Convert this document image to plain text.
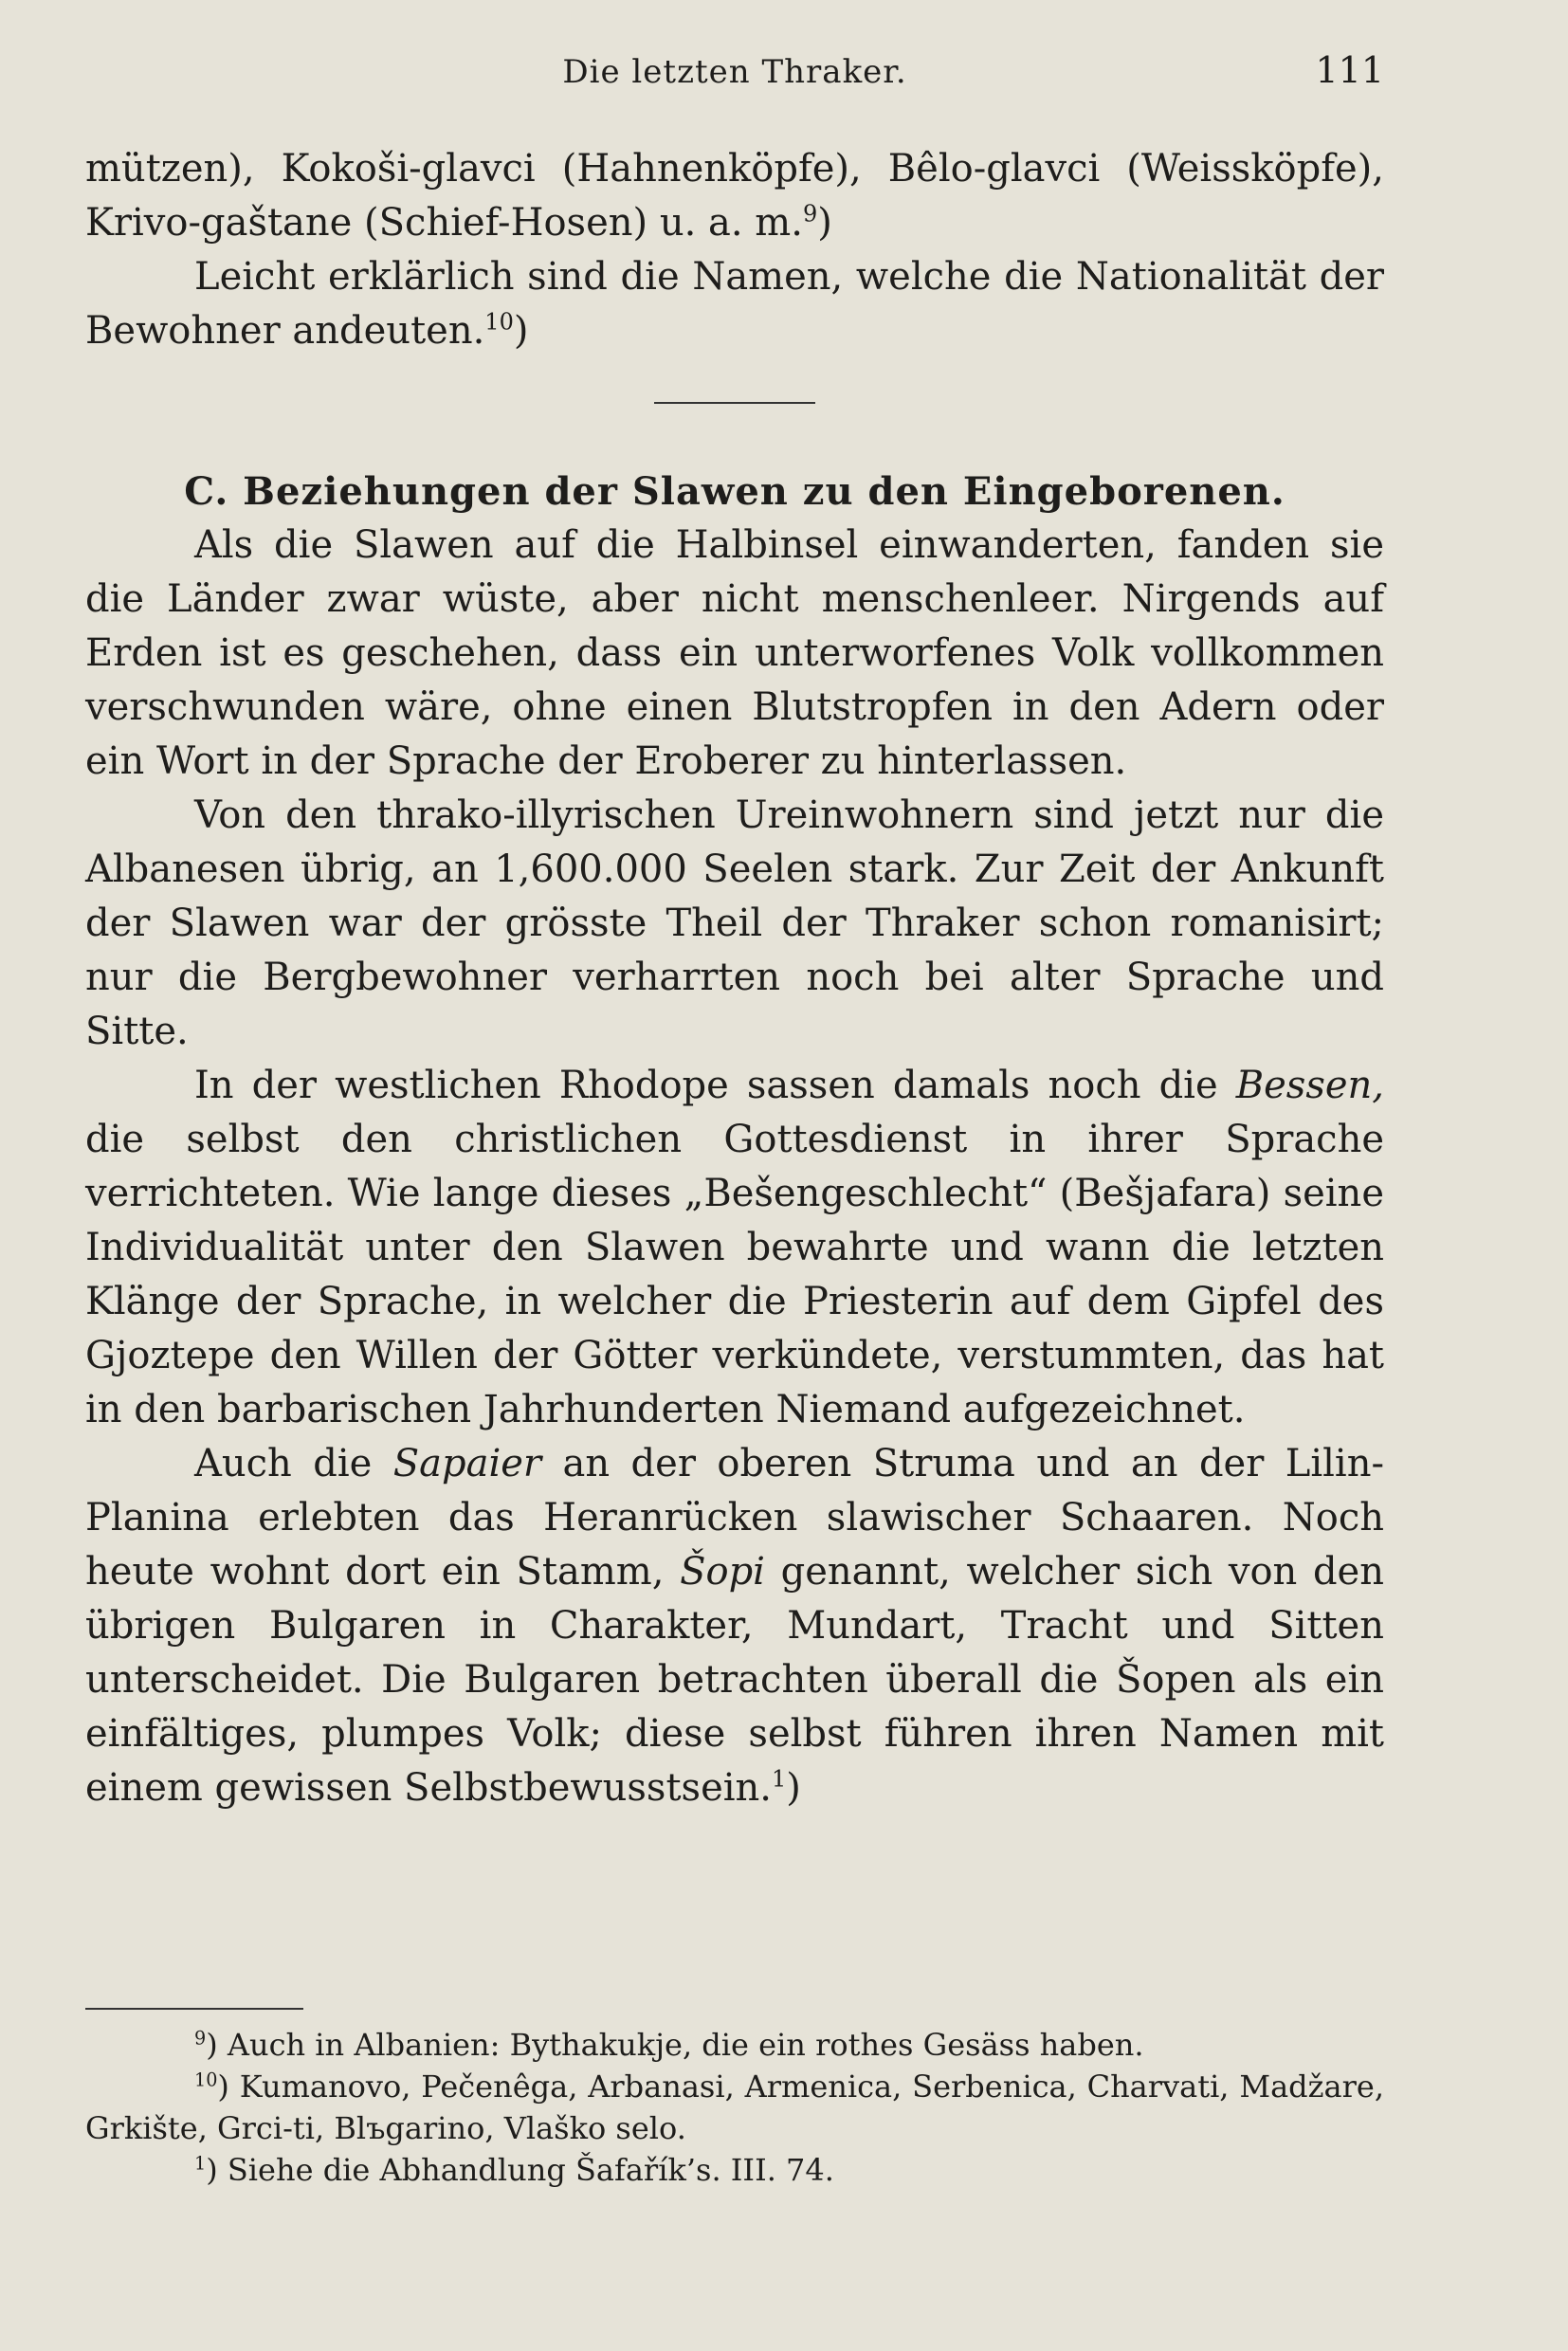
Die letzten Thraker.	111

mützen), Kokoši-glavci (Hahnenköpfe), Bêlo-glavci (Weissköpfe), Krivo-gaštane (Schief-Hosen) u. a. m.$^9$)

Leicht erklärlich sind die Namen, welche die Nationalität der Bewohner andeuten.$^{10}$)

C. Beziehungen der Slawen zu den Eingeborenen.

Als die Slawen auf die Halbinsel einwanderten, fanden sie die Länder zwar wüste, aber nicht menschenleer. Nirgends auf Erden ist es geschehen, dass ein unterworfenes Volk vollkommen verschwunden wäre, ohne einen Blutstropfen in den Adern oder ein Wort in der Sprache der Eroberer zu hinterlassen.

Von den thrako-illyrischen Ureinwohnern sind jetzt nur die Albanesen übrig, an 1,600.000 Seelen stark. Zur Zeit der Ankunft der Slawen war der grösste Theil der Thraker schon romanisirt; nur die Bergbewohner verharrten noch bei alter Sprache und Sitte.

In der westlichen Rhodope sassen damals noch die Bessen, die selbst den christlichen Gottesdienst in ihrer Sprache verrichteten. Wie lange dieses „Bešengeschlecht“ (Bešjafara) seine Individualität unter den Slawen bewahrte und wann die letzten Klänge der Sprache, in welcher die Priesterin auf dem Gipfel des Gjoztepe den Willen der Götter verkündete, verstummten, das hat in den barbarischen Jahrhunderten Niemand aufgezeichnet.

Auch die Sapaier an der oberen Struma und an der Lilin-Planina erlebten das Heranrücken slawischer Schaaren. Noch heute wohnt dort ein Stamm, Šopi genannt, welcher sich von den übrigen Bulgaren in Charakter, Mundart, Tracht und Sitten unterscheidet. Die Bulgaren betrachten überall die Šopen als ein einfältiges, plumpes Volk; diese selbst führen ihren Namen mit einem gewissen Selbstbewusstsein.$^1$)

$^9$) Auch in Albanien: Bythakukje, die ein rothes Gesäss haben.

$^{10}$) Kumanovo, Pečenêga, Arbanasi, Armenica, Serbenica, Charvati, Madžare, Grkište, Grci-ti, Blъgarino, Vlaško selo.

$^1$) Siehe die Abhandlung Šafařík’s. III. 74.
